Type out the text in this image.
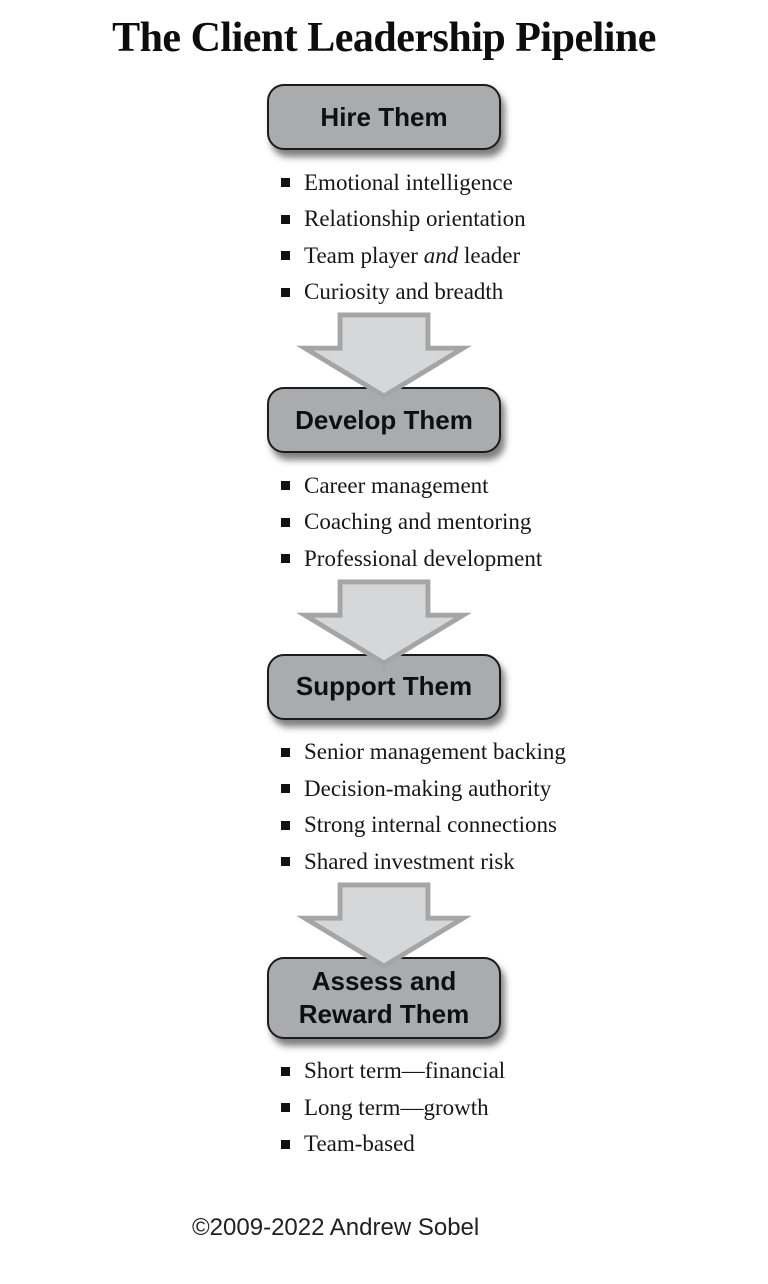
The Client Leadership Pipeline
Hire Them
Emotional intelligence
Relationship orientation
Team player and leader
Curiosity and breadth
Develop Them
Career management
Coaching and mentoring
Professional development
Support Them
Senior management backing
Decision-making authority
Strong internal connections
Shared investment risk
Assess and
Reward Them
Short term—financial
Long term—growth
Team-based
©2009-2022 Andrew Sobel
